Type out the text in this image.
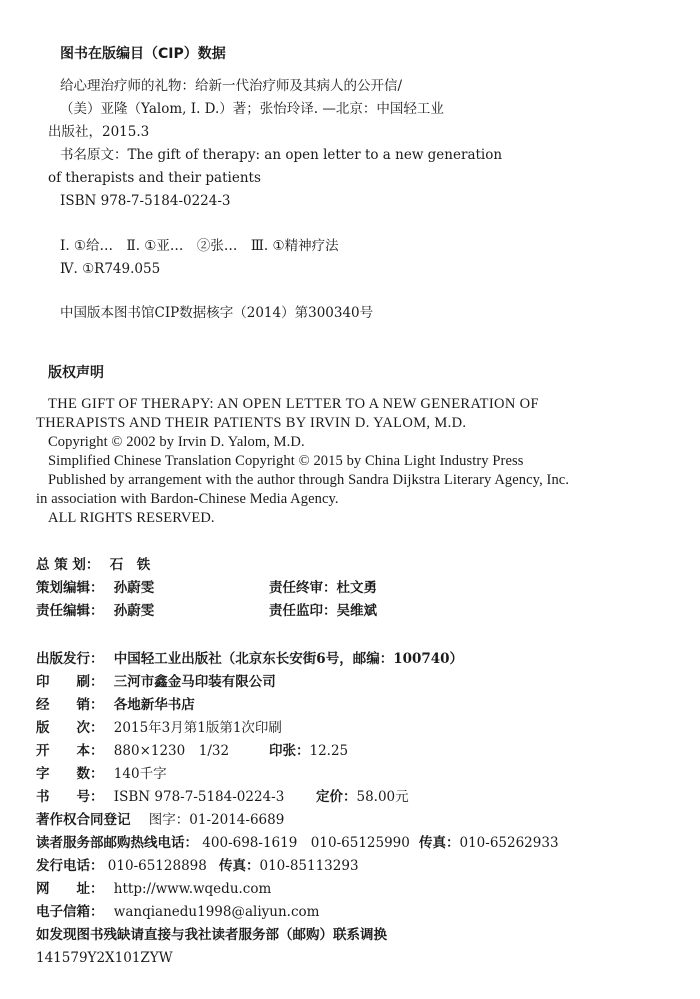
图书在版编目（CIP）数据
给心理治疗师的礼物：给新一代治疗师及其病人的公开信/
（美）亚隆（Yalom, I. D.）著；张怡玲译. —北京：中国轻工业
出版社，2015.3
书名原文：The gift of therapy: an open letter to a new generation
of therapists and their patients
ISBN 978-7-5184-0224-3
Ⅰ. ①给…　Ⅱ. ①亚…　②张…　Ⅲ. ①精神疗法
Ⅳ. ①R749.055
中国版本图书馆CIP数据核字（2014）第300340号
版权声明
THE GIFT OF THERAPY: AN OPEN LETTER TO A NEW GENERATION OF
THERAPISTS AND THEIR PATIENTS BY IRVIN D. YALOM, M.D.
Copyright © 2002 by Irvin D. Yalom, M.D.
Simplified Chinese Translation Copyright © 2015 by China Light Industry Press
Published by arrangement with the author through Sandra Dijkstra Literary Agency, Inc.
in association with Bardon-Chinese Media Agency.
ALL RIGHTS RESERVED.
总 策 划： 石　铁
策划编辑： 孙蔚雯	责任终审：杜文勇
责任编辑： 孙蔚雯	责任监印：吴维斌
出版发行： 中国轻工业出版社（北京东长安街6号，邮编：100740）
印　　刷： 三河市鑫金马印装有限公司
经　　销： 各地新华书店
版　　次： 2015年3月第1版第1次印刷
开　　本： 880×1230　1/32	印张：12.25
字　　数： 140千字
书　　号： ISBN 978-7-5184-0224-3 定价：58.00元
著作权合同登记 图字：01-2014-6689
读者服务部邮购热线电话： 400-698-1619　010-65125990 传真：010-65262933
发行电话： 010-65128898 传真：010-85113293
网　　址： http://www.wqedu.com
电子信箱： wanqianedu1998@aliyun.com
如发现图书残缺请直接与我社读者服务部（邮购）联系调换
141579Y2X101ZYW
